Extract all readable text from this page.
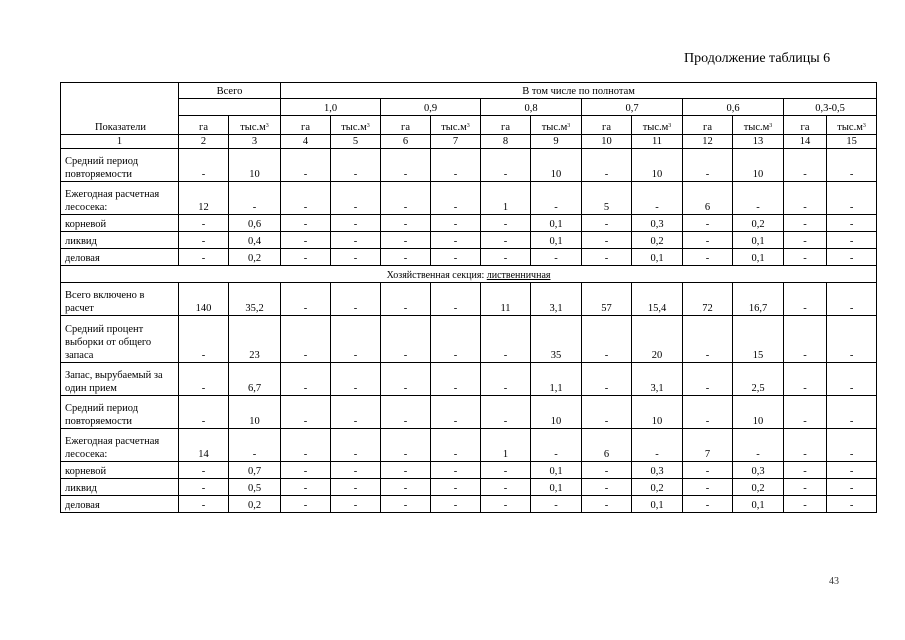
Продолжение таблицы 6
Показатели	Всего		В том числе по полнотам											
			1,0		0,9		0,8		0,7		0,6		0,3-0,5	
	га	$тыс.м^3$	га	$тыс.м^3$	га	$тыс.м^3$	га	$тыс.м^3$	га	$тыс.м^3$	га	$тыс.м^3$	га	$тыс.м^3$
1	2	3	4	5	6	7	8	9	10	11	12	13	14	15
Средний период повторяемости	-	10	-	-	-	-	-	10	-	10	-	10	-	-
Ежегодная расчетная лесосека:	12	-	-	-	-	-	1	-	5	-	6	-	-	-
корневой	-	0,6	-	-	-	-	-	0,1	-	0,3	-	0,2	-	-
ликвид	-	0,4	-	-	-	-	-	0,1	-	0,2	-	0,1	-	-
деловая	-	0,2	-	-	-	-	-	-	-	0,1	-	0,1	-	-
Хозяйственная секция: лиственничная														
Всего включено в расчет	140	35,2	-	-	-	-	11	3,1	57	15,4	72	16,7	-	-
Средний процент выборки от общего запаса	-	23	-	-	-	-	-	35	-	20	-	15	-	-
Запас, вырубаемый за один прием	-	6,7	-	-	-	-	-	1,1	-	3,1	-	2,5	-	-
Средний период повторяемости	-	10	-	-	-	-	-	10	-	10	-	10	-	-
Ежегодная расчетная лесосека:	14	-	-	-	-	-	1	-	6	-	7	-	-	-
корневой	-	0,7	-	-	-	-	-	0,1	-	0,3	-	0,3	-	-
ликвид	-	0,5	-	-	-	-	-	0,1	-	0,2	-	0,2	-	-
деловая	-	0,2	-	-	-	-	-	-	-	0,1	-	0,1	-	-
43
